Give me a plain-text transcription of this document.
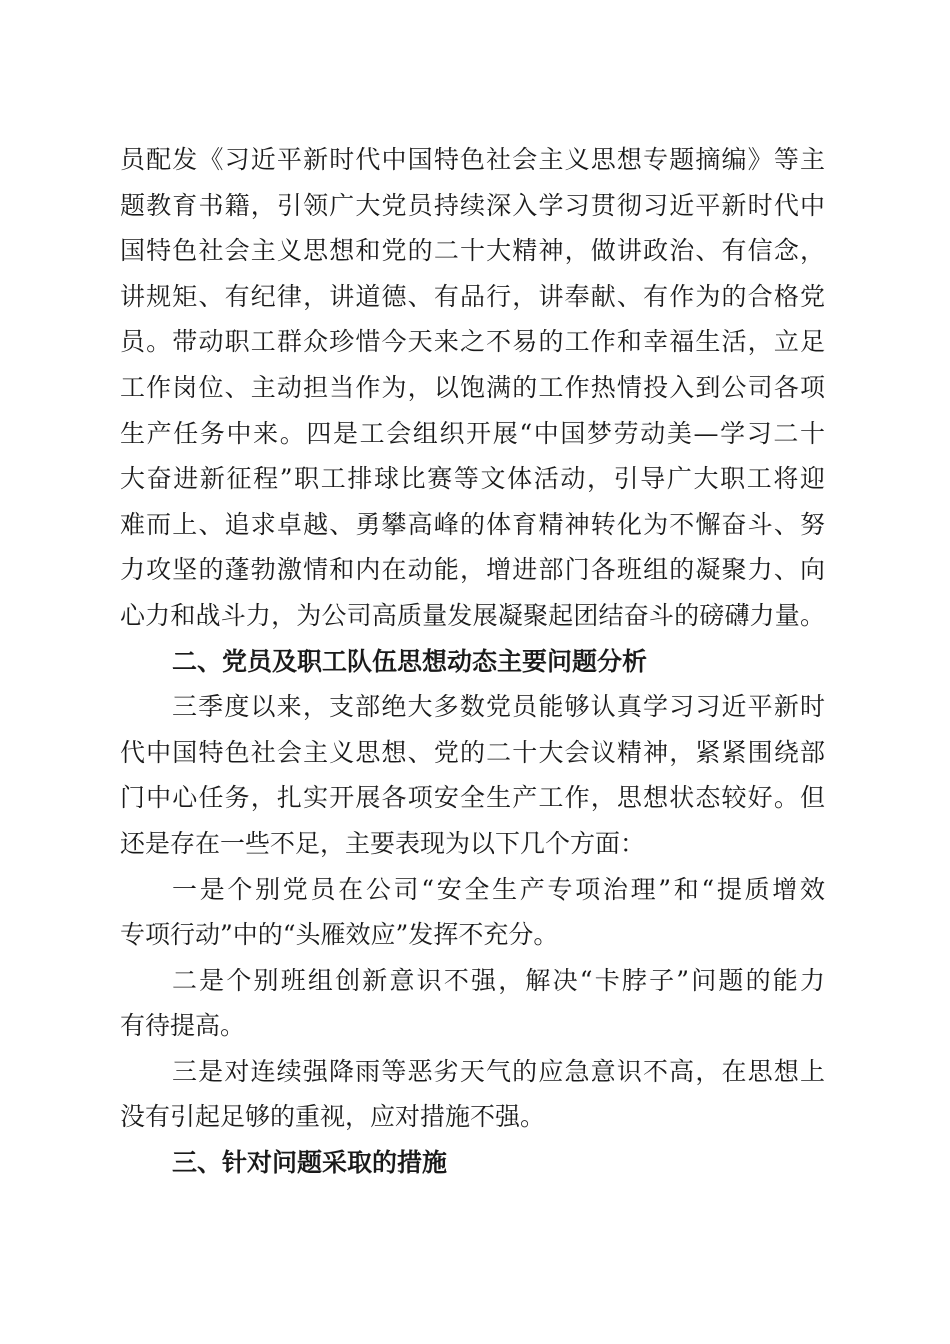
员配发《习近平新时代中国特色社会主义思想专题摘编》等主
题教育书籍，引领广大党员持续深入学习贯彻习近平新时代中
国特色社会主义思想和党的二十大精神，做讲政治、有信念，
讲规矩、有纪律，讲道德、有品行，讲奉献、有作为的合格党
员。带动职工群众珍惜今天来之不易的工作和幸福生活，立足
工作岗位、主动担当作为，以饱满的工作热情投入到公司各项
生产任务中来。四是工会组织开展“中国梦劳动美—学习二十
大奋进新征程”职工排球比赛等文体活动，引导广大职工将迎
难而上、追求卓越、勇攀高峰的体育精神转化为不懈奋斗、努
力攻坚的蓬勃激情和内在动能，增进部门各班组的凝聚力、向
心力和战斗力，为公司高质量发展凝聚起团结奋斗的磅礴力量。
二、党员及职工队伍思想动态主要问题分析
三季度以来，支部绝大多数党员能够认真学习习近平新时
代中国特色社会主义思想、党的二十大会议精神，紧紧围绕部
门中心任务，扎实开展各项安全生产工作，思想状态较好。但
还是存在一些不足，主要表现为以下几个方面：
一是个别党员在公司“安全生产专项治理”和“提质增效
专项行动”中的“头雁效应”发挥不充分。
二是个别班组创新意识不强，解决“卡脖子”问题的能力
有待提高。
三是对连续强降雨等恶劣天气的应急意识不高，在思想上
没有引起足够的重视，应对措施不强。
三、针对问题采取的措施
